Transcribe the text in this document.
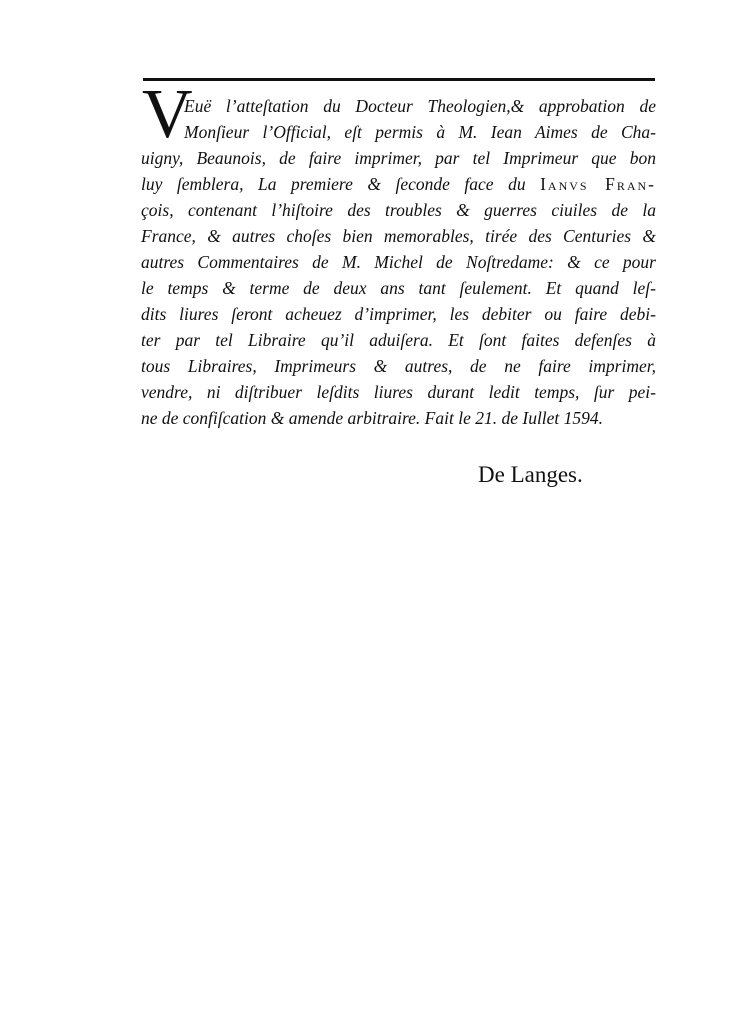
V
Euë l’atteſtation du Docteur Theologien,& approbation de
Monſieur l’Official, eſt permis à M. Iean Aimes de Cha-
uigny, Beaunois, de faire imprimer, par tel Imprimeur que bon
luy ſemblera, La premiere & ſeconde face du Ianvs Fran-
çois, contenant l’hiſtoire des troubles & guerres ciuiles de la
France, & autres choſes bien memorables, tirée des Centuries &
autres Commentaires de M. Michel de Noſtredame: & ce pour
le temps & terme de deux ans tant ſeulement. Et quand leſ-
dits liures ſeront acheuez d’imprimer, les debiter ou faire debi-
ter par tel Libraire qu’il aduiſera. Et ſont faites defenſes à
tous Libraires, Imprimeurs & autres, de ne faire imprimer,
vendre, ni diſtribuer leſdits liures durant ledit temps, ſur pei-
ne de confiſcation & amende arbitraire. Fait le 21. de Iullet 1594.
De Langes.
